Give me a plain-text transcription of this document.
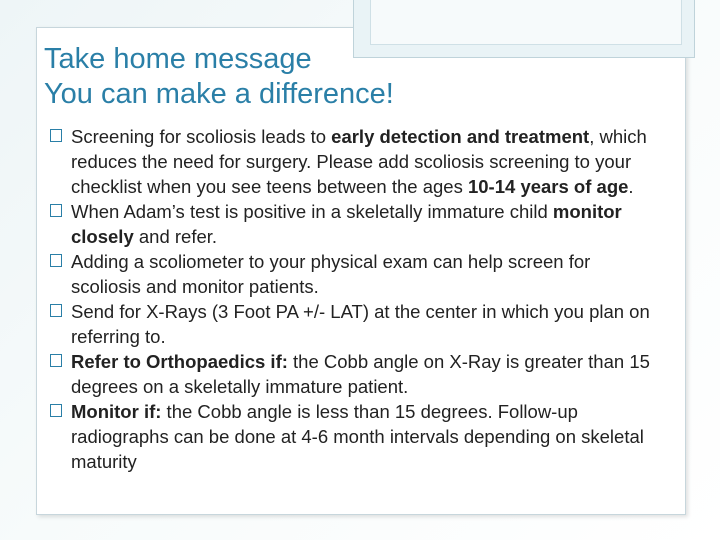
Take home message
You can make a difference!
Screening for scoliosis leads to early detection and treatment, which reduces the need for surgery. Please add scoliosis screening to your checklist when you see teens between the ages 10-14 years of age.
When Adam’s test is positive in a skeletally immature child monitor closely and refer.
Adding a scoliometer to your physical exam can help screen for scoliosis and monitor patients.
Send for X-Rays (3 Foot PA +/- LAT) at the center in which you plan on referring to.
Refer to Orthopaedics if: the Cobb angle on X-Ray is greater than 15 degrees on a skeletally immature patient.
Monitor if: the Cobb angle is less than 15 degrees. Follow-up radiographs can be done at 4-6 month intervals depending on skeletal maturity
